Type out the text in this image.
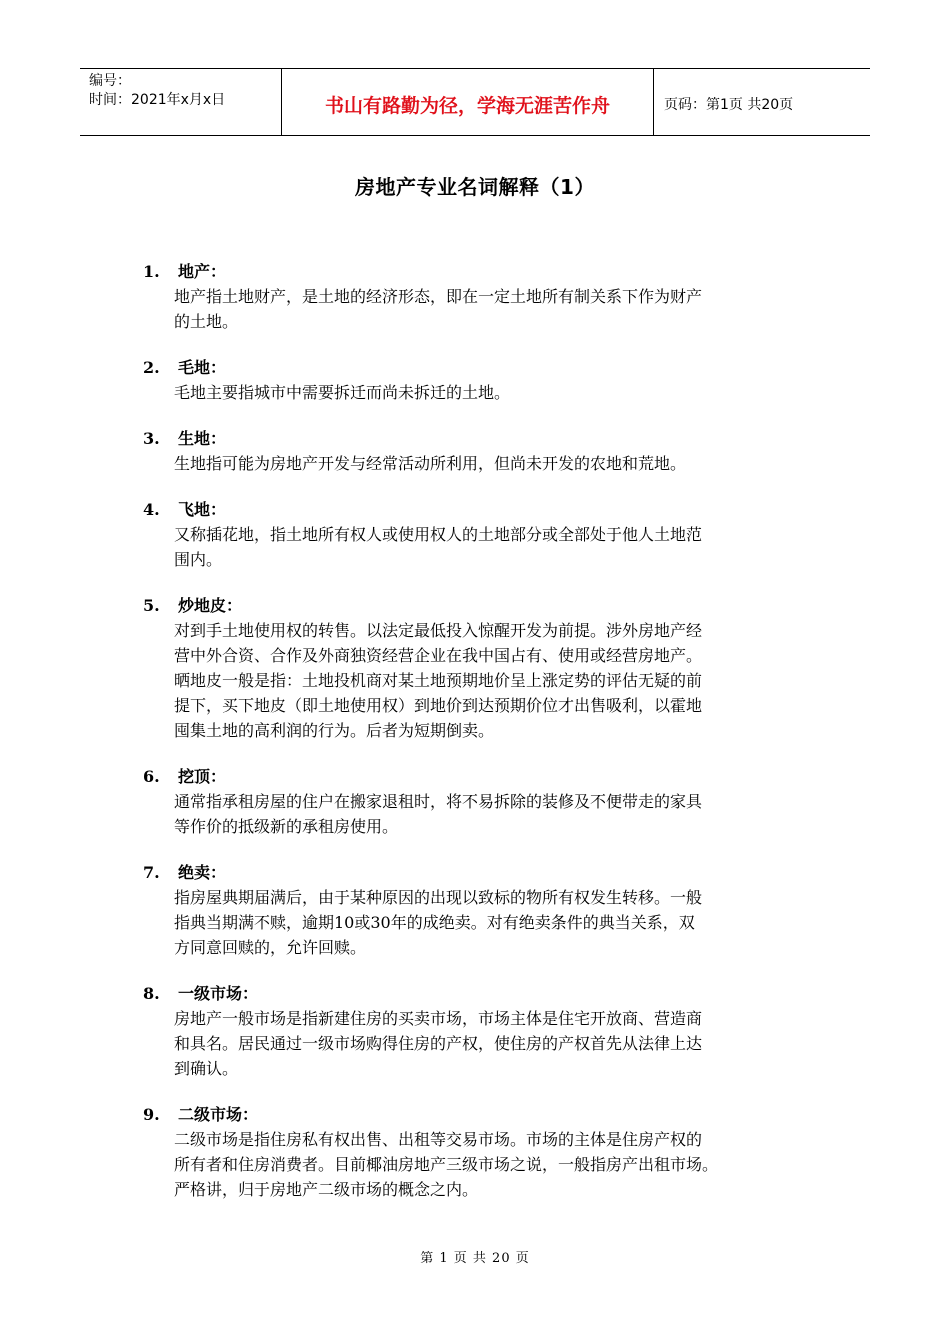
编号：
时间：2021年x月x日	书山有路勤为径，学海无涯苦作舟	页码：第1页 共20页
房地产专业名词解释（1）
1. 地产：
地产指土地财产，是土地的经济形态，即在一定土地所有制关系下作为财产
的土地。
2. 毛地：
毛地主要指城市中需要拆迁而尚未拆迁的土地。
3. 生地：
生地指可能为房地产开发与经常活动所利用，但尚未开发的农地和荒地。
4. 飞地：
又称插花地，指土地所有权人或使用权人的土地部分或全部处于他人土地范
围内。
5. 炒地皮：
对到手土地使用权的转售。以法定最低投入惊醒开发为前提。涉外房地产经
营中外合资、合作及外商独资经营企业在我中国占有、使用或经营房地产。
晒地皮一般是指：土地投机商对某土地预期地价呈上涨定势的评估无疑的前
提下，买下地皮（即土地使用权）到地价到达预期价位才出售吸利，以霍地
囤集土地的高利润的行为。后者为短期倒卖。
6. 挖顶：
通常指承租房屋的住户在搬家退租时，将不易拆除的装修及不便带走的家具
等作价的抵级新的承租房使用。
7. 绝卖：
指房屋典期届满后，由于某种原因的出现以致标的物所有权发生转移。一般
指典当期满不赎，逾期10或30年的成绝卖。对有绝卖条件的典当关系，双
方同意回赎的，允许回赎。
8. 一级市场：
房地产一般市场是指新建住房的买卖市场，市场主体是住宅开放商、营造商
和具名。居民通过一级市场购得住房的产权，使住房的产权首先从法律上达
到确认。
9. 二级市场：
二级市场是指住房私有权出售、出租等交易市场。市场的主体是住房产权的
所有者和住房消费者。目前椰油房地产三级市场之说，一般指房产出租市场。
严格讲，归于房地产二级市场的概念之内。
第 1 页 共 20 页
